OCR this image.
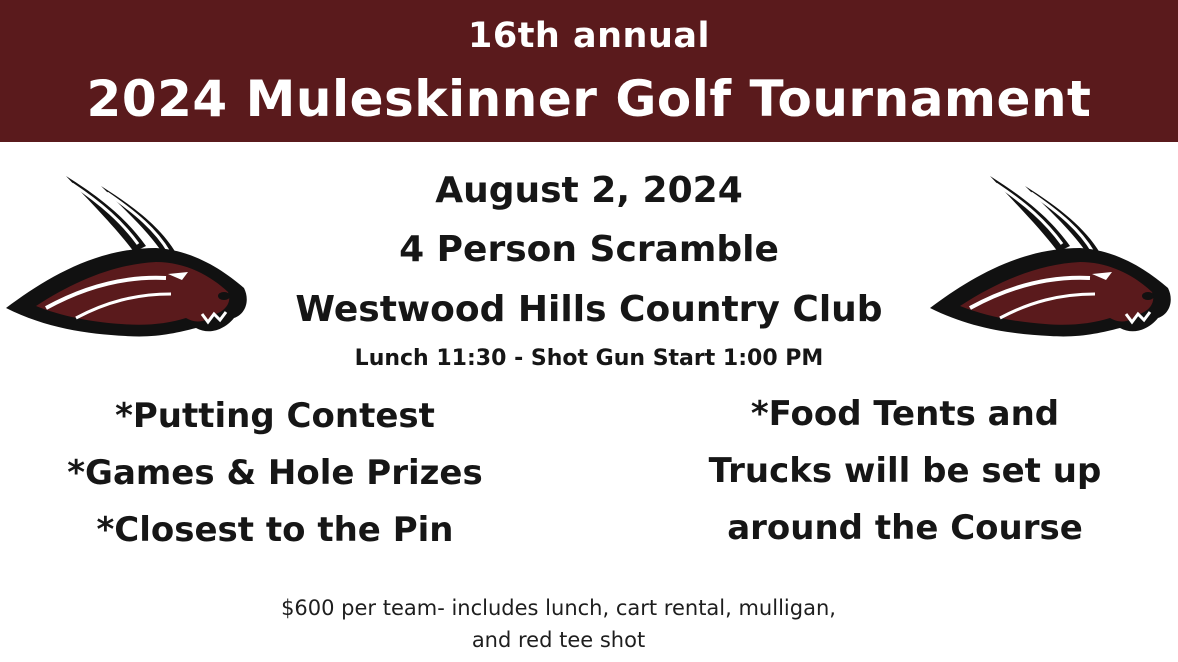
16th annual
2024 Muleskinner Golf Tournament
August 2, 2024
4 Person Scramble
Westwood Hills Country Club
Lunch 11:30 - Shot Gun Start 1:00 PM
*Putting Contest
*Games & Hole Prizes
*Closest to the Pin
*Food Tents and
Trucks will be set up
around the Course
$600 per team- includes lunch, cart rental, mulligan,
and red tee shot
